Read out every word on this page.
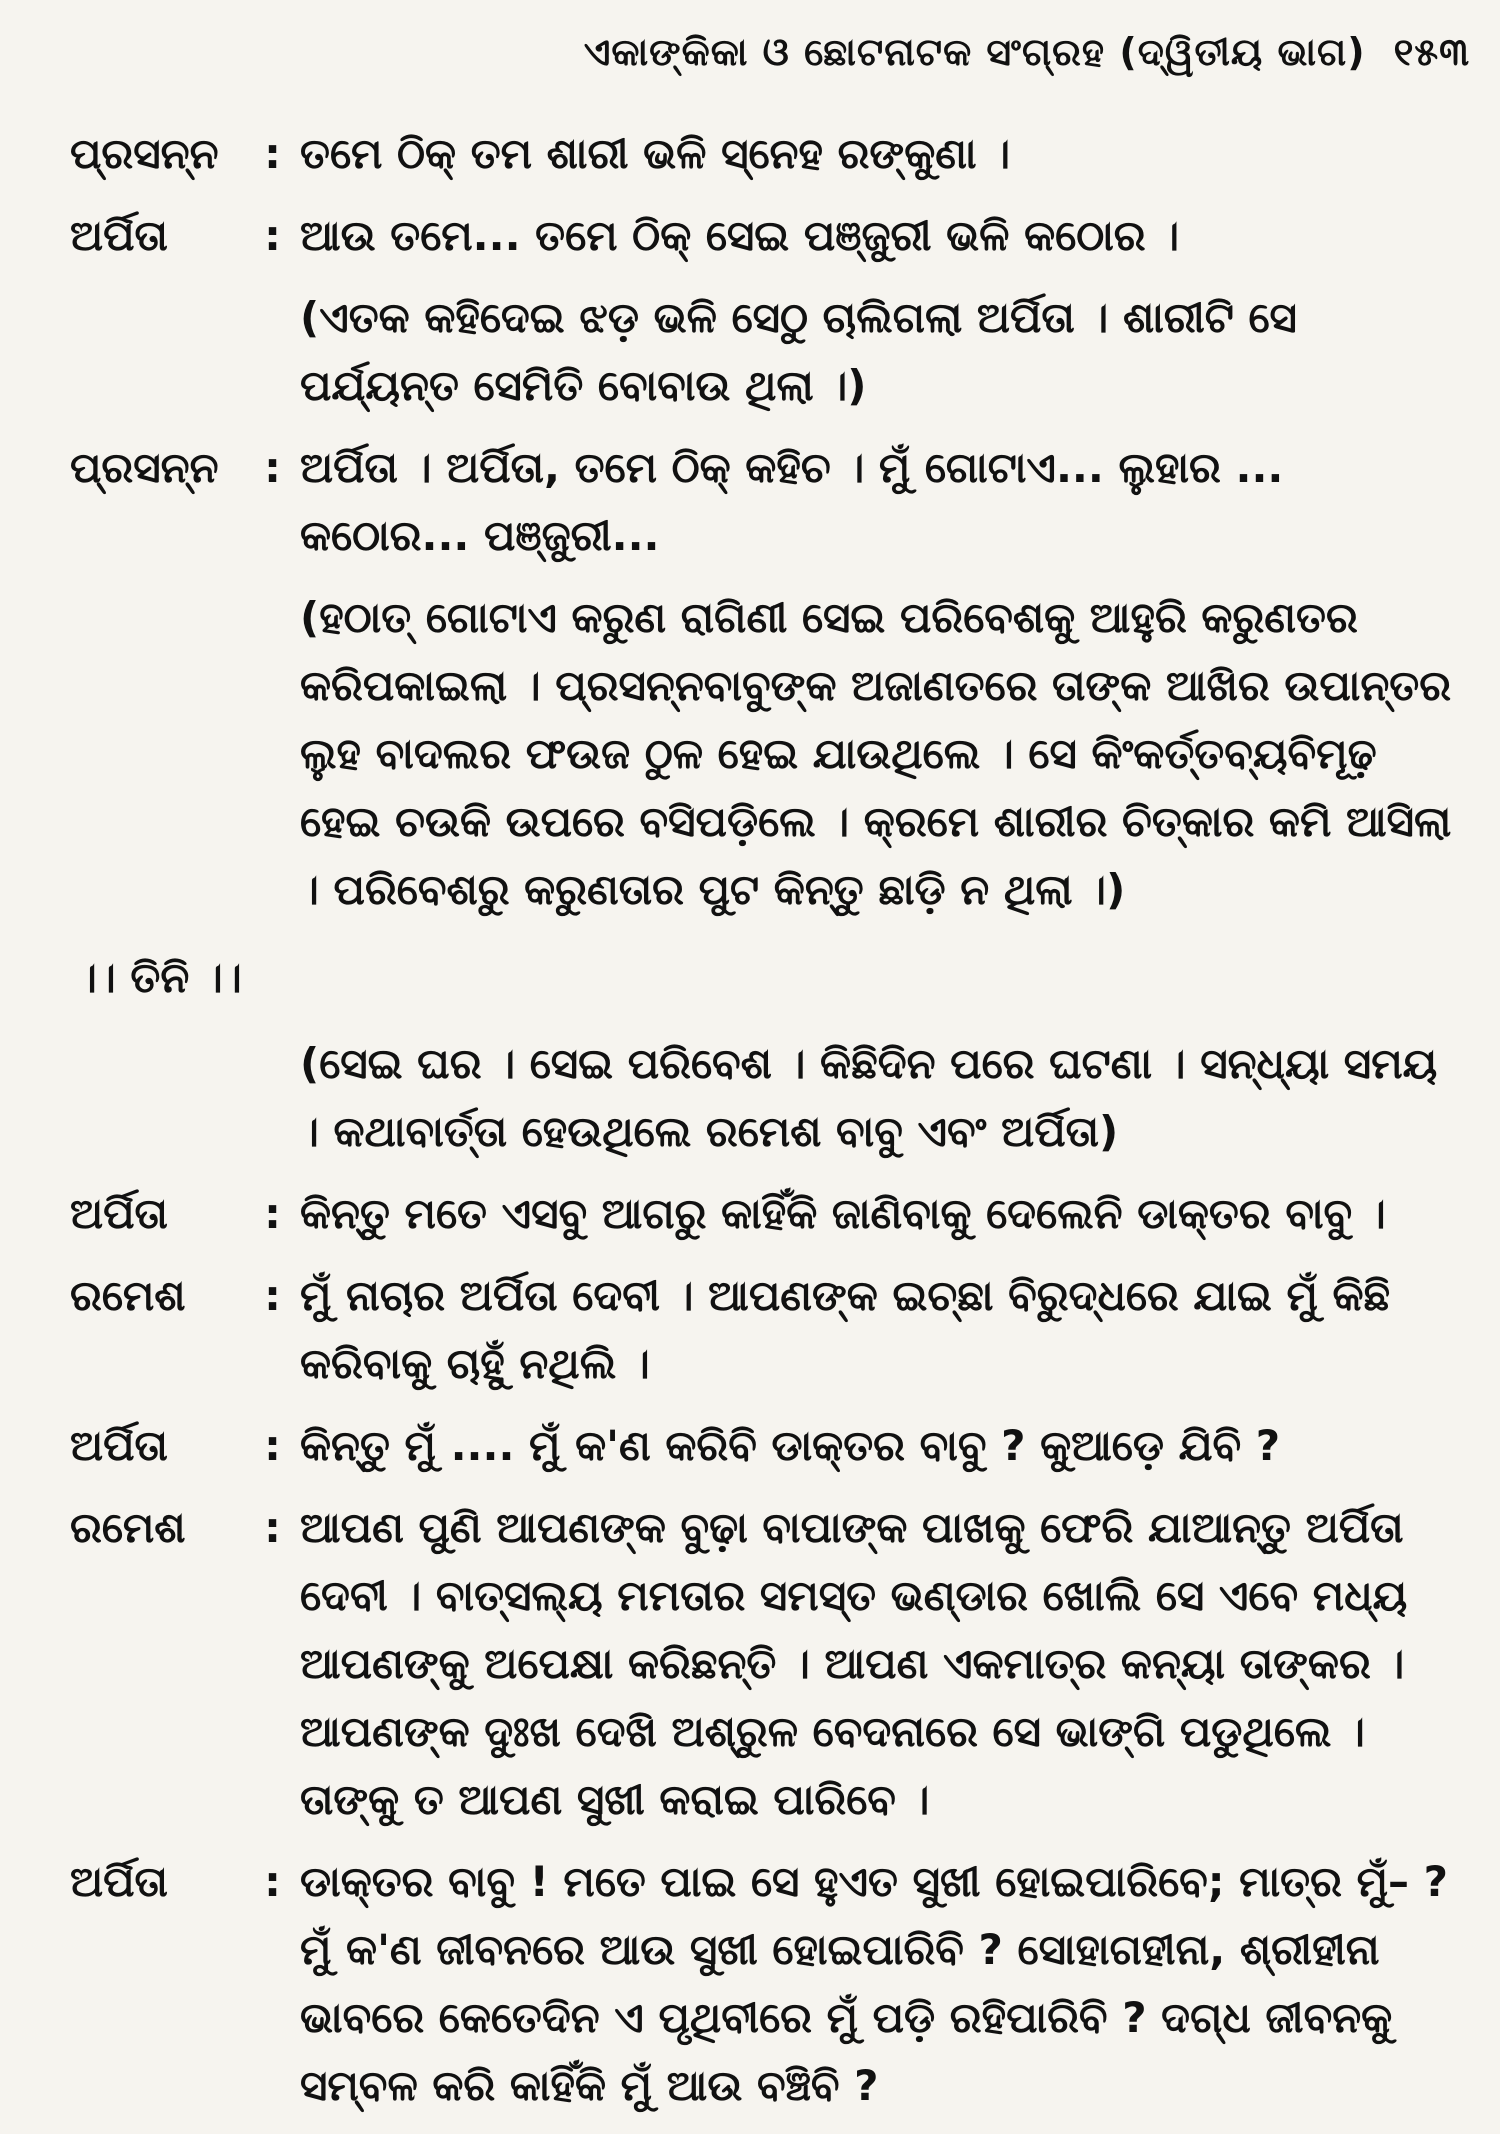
ଏକାଙ୍କିକା ଓ ଛୋଟନାଟକ ସଂଗ୍ରହ (ଦ୍ୱିତୀୟ ଭାଗ) ୧୫୩
ପ୍ରସନ୍ନ	: ତମେ ଠିକ୍ ତମ ଶାରୀ ଭଳି ସ୍ନେହ ରଙ୍କୁଣା ।
ଅର୍ପିତା	: ଆଉ ତମେ... ତମେ ଠିକ୍ ସେଇ ପଞ୍ଜୁରୀ ଭଳି କଠୋର ।
(ଏତକ କହିଦେଇ ଝଡ଼ ଭଳି ସେଠୁ ଚାଲିଗଲା ଅର୍ପିତା । ଶାରୀଟି ସେ ପର୍ଯ୍ୟନ୍ତ ସେମିତି ବୋବାଉ ଥିଲା ।)
ପ୍ରସନ୍ନ	: ଅର୍ପିତା । ଅର୍ପିତା, ତମେ ଠିକ୍ କହିଚ । ମୁଁ ଗୋଟାଏ... ଲୁହାର ... କଠୋର... ପଞ୍ଜୁରୀ...
(ହଠାତ୍ ଗୋଟାଏ କରୁଣ ରାଗିଣୀ ସେଇ ପରିବେଶକୁ ଆହୁରି କରୁଣତର କରିପକାଇଲା । ପ୍ରସନ୍ନବାବୁଙ୍କ ଅଜାଣତରେ ତାଙ୍କ ଆଖିର ଉପାନ୍ତର ଲୁହ ବାଦଲର ଫଉଜ ଠୁଳ ହେଇ ଯାଉଥିଲେ । ସେ କିଂକର୍ତ୍ତବ୍ୟବିମୂଢ଼ ହେଇ ଚଉକି ଉପରେ ବସିପଡ଼ିଲେ । କ୍ରମେ ଶାରୀର ଚିତ୍କାର କମି ଆସିଲା । ପରିବେଶରୁ କରୁଣତାର ପୁଟ କିନ୍ତୁ ଛାଡ଼ି ନ ଥିଲା ।)
।। ତିନି ।।
(ସେଇ ଘର । ସେଇ ପରିବେଶ । କିଛିଦିନ ପରେ ଘଟଣା । ସନ୍ଧ୍ୟା ସମୟ । କଥାବାର୍ତ୍ତା ହେଉଥିଲେ ରମେଶ ବାବୁ ଏବଂ ଅର୍ପିତା)
ଅର୍ପିତା	: କିନ୍ତୁ ମତେ ଏସବୁ ଆଗରୁ କାହିଁକି ଜାଣିବାକୁ ଦେଲେନି ଡାକ୍ତର ବାବୁ ।
ରମେଶ	: ମୁଁ ନାଚାର ଅର୍ପିତା ଦେବୀ । ଆପଣଙ୍କ ଇଚ୍ଛା ବିରୁଦ୍ଧରେ ଯାଇ ମୁଁ କିଛି କରିବାକୁ ଚାହୁଁ ନଥିଲି ।
ଅର୍ପିତା	: କିନ୍ତୁ ମୁଁ .... ମୁଁ କ'ଣ କରିବି ଡାକ୍ତର ବାବୁ ? କୁଆଡ଼େ ଯିବି ?
ରମେଶ	: ଆପଣ ପୁଣି ଆପଣଙ୍କ ବୁଢ଼ା ବାପାଙ୍କ ପାଖକୁ ଫେରି ଯାଆନ୍ତୁ ଅର୍ପିତା ଦେବୀ । ବାତ୍ସଲ୍ୟ ମମତାର ସମସ୍ତ ଭଣ୍ଡାର ଖୋଲି ସେ ଏବେ ମଧ୍ୟ ଆପଣଙ୍କୁ ଅପେକ୍ଷା କରିଛନ୍ତି । ଆପଣ ଏକମାତ୍ର କନ୍ୟା ତାଙ୍କର । ଆପଣଙ୍କ ଦୁଃଖ ଦେଖି ଅଶ୍ରୁଳ ବେଦନାରେ ସେ ଭାଙ୍ଗି ପଡୁଥିଲେ । ତାଙ୍କୁ ତ ଆପଣ ସୁଖୀ କରାଇ ପାରିବେ ।
ଅର୍ପିତା	: ଡାକ୍ତର ବାବୁ ! ମତେ ପାଇ ସେ ହୁଏତ ସୁଖୀ ହୋଇପାରିବେ; ମାତ୍ର ମୁଁ– ? ମୁଁ କ'ଣ ଜୀବନରେ ଆଉ ସୁଖୀ ହୋଇପାରିବି ? ସୋହାଗହୀନା, ଶ୍ରୀହୀନା ଭାବରେ କେତେଦିନ ଏ ପୃଥିବୀରେ ମୁଁ ପଡ଼ି ରହିପାରିବି ? ଦଗ୍ଧ ଜୀବନକୁ ସମ୍ବଳ କରି କାହିଁକି ମୁଁ ଆଉ ବଞ୍ଚିବି ?
